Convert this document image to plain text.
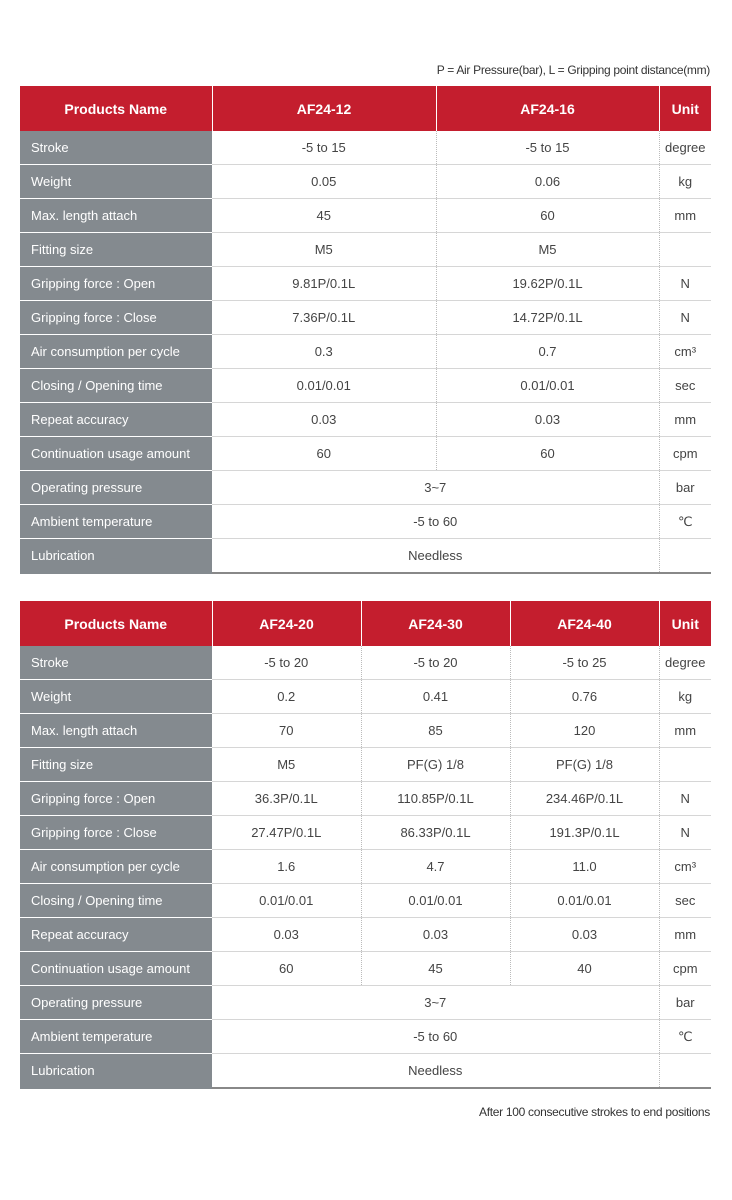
P = Air Pressure(bar), L = Gripping point distance(mm)
Products Name	AF24-12	AF24-16	Unit
Stroke	-5 to 15	-5 to 15	degree
Weight	0.05	0.06	kg
Max. length attach	45	60	mm
Fitting size	M5	M5	
Gripping force : Open	9.81P/0.1L	19.62P/0.1L	N
Gripping force : Close	7.36P/0.1L	14.72P/0.1L	N
Air consumption per cycle	0.3	0.7	cm³
Closing / Opening time	0.01/0.01	0.01/0.01	sec
Repeat accuracy	0.03	0.03	mm
Continuation usage amount	60	60	cpm
Operating pressure	3~7		bar
Ambient temperature	-5 to 60		℃
Lubrication	Needless		
Products Name	AF24-20	AF24-30	AF24-40	Unit
Stroke	-5 to 20	-5 to 20	-5 to 25	degree
Weight	0.2	0.41	0.76	kg
Max. length attach	70	85	120	mm
Fitting size	M5	PF(G) 1/8	PF(G) 1/8	
Gripping force : Open	36.3P/0.1L	110.85P/0.1L	234.46P/0.1L	N
Gripping force : Close	27.47P/0.1L	86.33P/0.1L	191.3P/0.1L	N
Air consumption per cycle	1.6	4.7	11.0	cm³
Closing / Opening time	0.01/0.01	0.01/0.01	0.01/0.01	sec
Repeat accuracy	0.03	0.03	0.03	mm
Continuation usage amount	60	45	40	cpm
Operating pressure	3~7			bar
Ambient temperature	-5 to 60			℃
Lubrication	Needless			
After 100 consecutive strokes to end positions
